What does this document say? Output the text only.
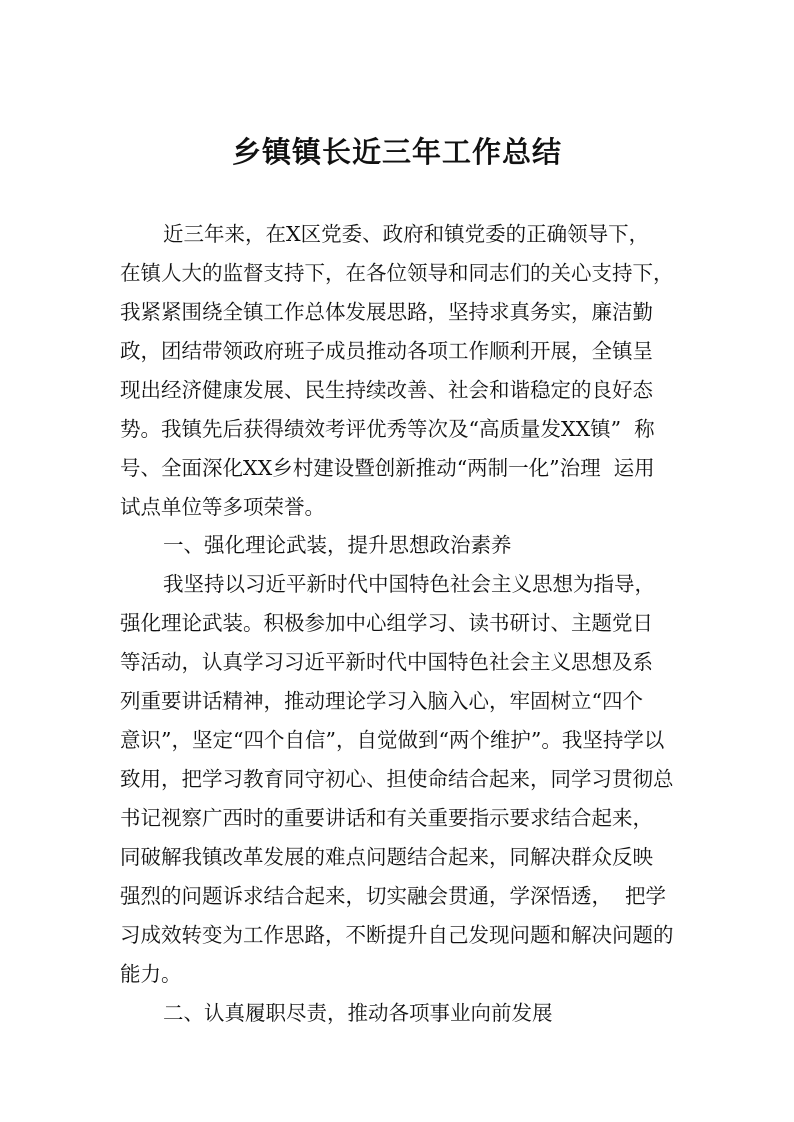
乡镇镇长近三年工作总结

近三年来，在X区党委、政府和镇党委的正确领导下，

在镇人大的监督支持下，在各位领导和同志们的关心支持下，

我紧紧围绕全镇工作总体发展思路，坚持求真务实，廉洁勤

政，团结带领政府班子成员推动各项工作顺利开展，全镇呈

现出经济健康发展、民生持续改善、社会和谐稳定的良好态

势。我镇先后获得绩效考评优秀等次及“高质量发XX镇”  称

号、全面深化XX乡村建设暨创新推动“两制一化”治理  运用

试点单位等多项荣誉。

一、强化理论武装，提升思想政治素养

我坚持以习近平新时代中国特色社会主义思想为指导，

强化理论武装。积极参加中心组学习、读书研讨、主题党日

等活动，认真学习习近平新时代中国特色社会主义思想及系

列重要讲话精神，推动理论学习入脑入心，牢固树立“四个

意识”，坚定“四个自信”，自觉做到“两个维护”。我坚持学以

致用，把学习教育同守初心、担使命结合起来，同学习贯彻总

书记视察广西时的重要讲话和有关重要指示要求结合起来，

同破解我镇改革发展的难点问题结合起来，同解决群众反映

强烈的问题诉求结合起来，切实融会贯通，学深悟透，  把学

习成效转变为工作思路，不断提升自己发现问题和解决问题的

能力。

二、认真履职尽责，推动各项事业向前发展
